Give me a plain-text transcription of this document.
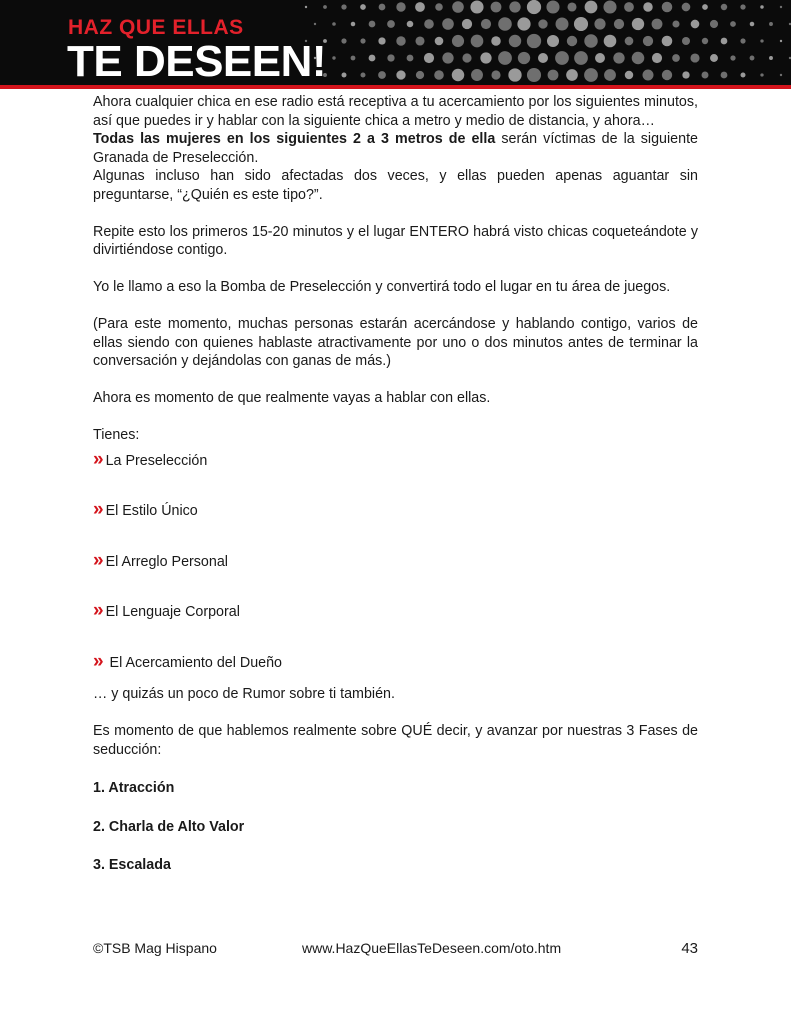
HAZ QUE ELLAS
TE DESEEN!

Ahora cualquier chica en ese radio está receptiva a tu acercamiento por los siguientes minutos, así que puedes ir y hablar con la siguiente chica a metro y medio de distancia, y ahora…

Todas las mujeres en los siguientes 2 a 3 metros de ella serán víctimas de la siguiente Granada de Preselección.

Algunas incluso han sido afectadas dos veces, y ellas pueden apenas aguantar sin preguntarse, “¿Quién es este tipo?”.

Repite esto los primeros 15-20 minutos y el lugar ENTERO habrá visto chicas coqueteándote y divirtiéndose contigo.

Yo le llamo a eso la Bomba de Preselección y convertirá todo el lugar en tu área de juegos.

(Para este momento, muchas personas estarán acercándose y hablando contigo, varios de ellas siendo con quienes hablaste atractivamente por uno o dos minutos antes de terminar la conversación y dejándolas con ganas de más.)

Ahora es momento de que realmente vayas a hablar con ellas.

Tienes:

» La Preselección
» El Estilo Único
» El Arreglo Personal
» El Lenguaje Corporal
» El Acercamiento del Dueño

… y quizás un poco de Rumor sobre ti también.

Es momento de que hablemos realmente sobre QUÉ decir, y avanzar por nuestras 3 Fases de seducción:

1. Atracción

2. Charla de Alto Valor

3. Escalada

©TSB Mag Hispano	www.HazQueEllasTeDeseen.com/oto.htm	43
